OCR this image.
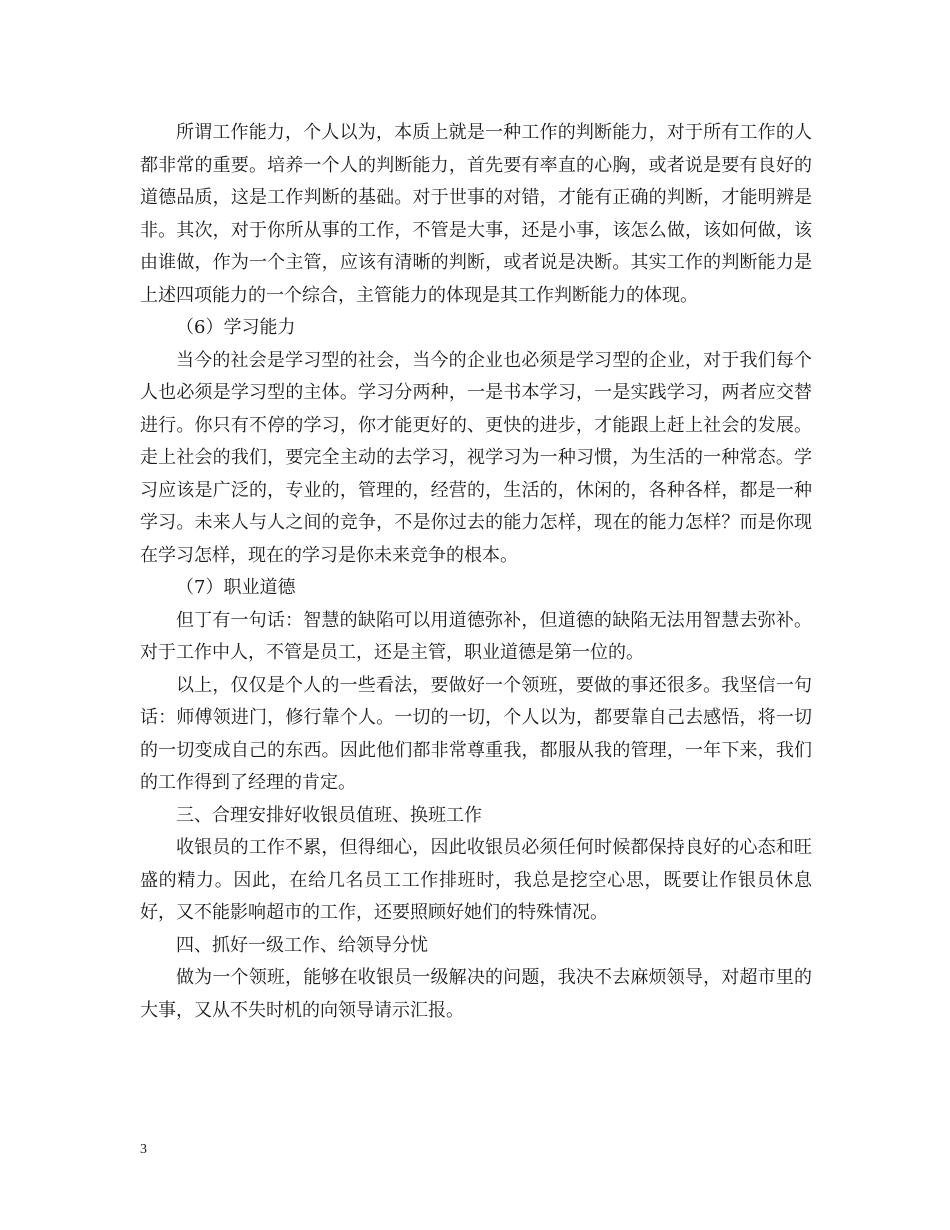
所谓工作能力，个人以为，本质上就是一种工作的判断能力，对于所有工作的人都非常的重要。培养一个人的判断能力，首先要有率直的心胸，或者说是要有良好的道德品质，这是工作判断的基础。对于世事的对错，才能有正确的判断，才能明辨是非。其次，对于你所从事的工作，不管是大事，还是小事，该怎么做，该如何做，该由谁做，作为一个主管，应该有清晰的判断，或者说是决断。其实工作的判断能力是上述四项能力的一个综合，主管能力的体现是其工作判断能力的体现。

（6）学习能力

当今的社会是学习型的社会，当今的企业也必须是学习型的企业，对于我们每个人也必须是学习型的主体。学习分两种，一是书本学习，一是实践学习，两者应交替进行。你只有不停的学习，你才能更好的、更快的进步，才能跟上赶上社会的发展。走上社会的我们，要完全主动的去学习，视学习为一种习惯，为生活的一种常态。学习应该是广泛的，专业的，管理的，经营的，生活的，休闲的，各种各样，都是一种学习。未来人与人之间的竞争，不是你过去的能力怎样，现在的能力怎样？而是你现在学习怎样，现在的学习是你未来竞争的根本。

（7）职业道德

但丁有一句话：智慧的缺陷可以用道德弥补，但道德的缺陷无法用智慧去弥补。对于工作中人，不管是员工，还是主管，职业道德是第一位的。

以上，仅仅是个人的一些看法，要做好一个领班，要做的事还很多。我坚信一句话：师傅领进门，修行靠个人。一切的一切，个人以为，都要靠自己去感悟，将一切的一切变成自己的东西。因此他们都非常尊重我，都服从我的管理，一年下来，我们的工作得到了经理的肯定。

三、合理安排好收银员值班、换班工作

收银员的工作不累，但得细心，因此收银员必须任何时候都保持良好的心态和旺盛的精力。因此，在给几名员工工作排班时，我总是挖空心思，既要让作银员休息好，又不能影响超市的工作，还要照顾好她们的特殊情况。

四、抓好一级工作、给领导分忧

做为一个领班，能够在收银员一级解决的问题，我决不去麻烦领导，对超市里的大事，又从不失时机的向领导请示汇报。

3
